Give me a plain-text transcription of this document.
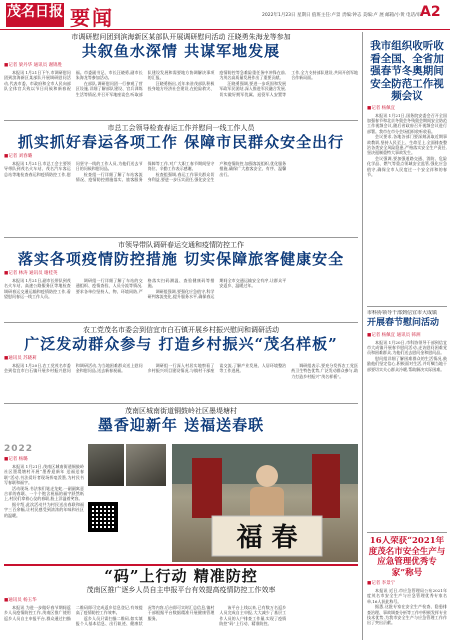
茂名日报
MAOMING DAILY 要闻	2022年1月23日 星期日 值班主任:卢景 责编:钟志 美编:卢 展 邮箱/小黄 电话/审
A2
市调研慰问团到滨海新区某部队开展调研慰问活动 汪晓勇朱海龙等参加
共叙鱼水深情 共谋军地发展
■记者 梁丹华 通讯员 谢锦胜

本报讯 1月21日下午,市调研慰问团到滨海新区某部队开展调研慰问活动,代表市委、市政府和全市人民向部队全体官兵致以节日问候和新春祝福。市委副书记、市长汪晓勇,副市长朱海龙等参加活动。

在部队,调研慰问团一行参观了营区设施,详细了解部队建设、官兵训练生活等情况,并召开军地座谈会,听取部队建设发展和需要地方协调解决事项的汇报。

汪晓勇指出,近年来驻茂部队积极投身地方经济社会建设,在抢险救灾、疫情防控等急难险重任务中冲锋在前,为茂名高质量发展作出了重要贡献。

汪晓勇强调,要进一步巩固和发展军政军民团结,深入推进军民融合发展,切实做好拥军优属、退役军人安置等工作,全力支持部队建设,共同开创军地合作新局面。

市总工会领导检查春运工作并慰问一线工作人员
抓实抓好春运各项工作 保障市民群众安全出行
■记者 刘春璐

本报讯 1月21日,市总工会主要领导带队到茂名火车站、茂名汽车客运总站等地检查春运和疫情防控工作,慰问坚守一线的工作人员,为他们送去节日的问候和慰问品。

检查组一行详细了解了车站客流情况、疫情防控措施落实、旅客服务保障等工作,对广大职工春节期间坚守岗位、辛勤工作表示感谢。

检查组强调,春运工作事关群众切身利益,要进一步压实责任,强化安全生产和疫情防控,加强客流组织,优化服务措施,确保广大旅客安全、有序、温馨出行。

市领导带队调研春运交通和疫情防控工作
落实各项疫情防控措施 切实保障旅客健康安全
■记者 林涛 通讯员 谢桂英

本报讯 1月21日,副市长带队到茂名火车站、高速公路服务区等地检查调研春运交通运输和疫情防控工作,看望慰问春运一线工作人员。

调研组一行详细了解了车站的交通组织、疫情查验、人员分流等情况,要求各单位坚持人、物、环境同防,严格落实扫码测温、查验健康码等措施。

调研组强调,要强化应急值守,科学研判客流变化,提升服务水平,确保春运期间全市交通运输安全有序,让群众平安返乡、温暖过年。

农工党茂名市委会到信宜市白石镇开展乡村振兴慰问和调研活动
广泛发动群众参与 打造乡村振兴“茂名样板”
■通讯员 苏晓莉

本报讯 1月20日,农工党茂名市委会到信宜市白石镇开展乡村振兴慰问和调研活动,为当地困难群众送上慰问金和慰问品,送去新春祝福。

调研组一行深入村居实地察看了乡村振兴项目建设情况,与镇村干部座谈交流,了解产业发展、人居环境整治等工作进展。

调研组表示,要充分发挥农工党医药卫生特色优势,广泛发动群众参与,助力打造乡村振兴“茂名样板”。

茂南区城南街道铜鼓岭社区墨堤塘村
墨香迎新年 送福送春联
2022
■记者 杨璐

本报讯 1月21日,茂南区城南街道铜鼓岭社区墨堤塘村开展“墨香迎新年 送福送春联”活动,书法爱好者现场挥毫泼墨,为村民书写春联和福字。

活动现场,书法家们笔走龙蛇,一副副寓意吉祥的春联、一个个饱含祝福的福字跃然纸上,村民们拿着心仪的春联,脸上洋溢着笑容。

据介绍,此次活动共为村民送出春联和福字三百余幅,让村民感受到浓浓的年味和社区的温暖。

福 春
“码”上行动 精准防控
茂南区推广逐乡人员自主申报平台有效提高疫情防控工作效率
■通讯员 杨玉华

本报讯 为进一步做好春节期间返乡人员疫情防控工作,茂南区推广使用返乡人员自主申报平台,群众通过扫描二维码即可完成返乡信息登记,有效提高了疫情防控工作效率。

返乡人员只需扫描二维码,如实填报个人基本信息、出行轨迹、健康状况等内容,后台即可实时汇总信息,镇村干部根据平台数据精准开展健康管理服务。

该平台上线以来,已有数万名返乡人员完成自主申报,大大减少了基层工作人员的入户排查工作量,实现了疫情防控“码”上行动、精准防控。

我市组织收听收看全国、全省加强春节冬奥期间安全防范工作视频会议
■记者 杨佩宜

本报讯 1月21日,国务院安委会召开全国加强春节和北京冬奥会冬残奥会期间安全防范工作视频会议,随后省政府召开视频会议进行部署。我市在市分会场组织收听收看。

会议要求,各地各部门要深刻汲取近期事故教训,坚持人民至上、生命至上,全面排查整治各类安全风险隐患,严格落实安全生产责任,坚决遏制重特大事故发生。

会议强调,要加强道路交通、消防、危险化学品、燃气等重点领域安全监管,强化应急值守,确保全市人民度过一个安全祥和的春节。

市科协领导干部到信宜市大成镇
开展春节慰问活动
■记者 杨佩宜 通讯员 韩洲

本报讯 1月20日,市科协领导干部到信宜市大成镇开展春节慰问活动,走访慰问困难党员和困难群众,为他们送去慰问金和慰问品。

慰问组详细了解困难群众的生活情况,鼓励他们坚定信心,积极面对生活,并叮嘱当地干部要切实关心群众冷暖,帮助解决实际困难。

16人荣获“2021年度茂名市安全生产与应急管理优秀专家”称号
■记者 李景宁

本报讯 近日,市应急管理局公布2021年度茂名市安全生产与应急管理优秀专家名单,16人获此称号。

据悉,这批专家在安全生产检查、隐患排查治理、事故调查分析等工作中积极发挥专业技术优势,为我市安全生产与应急管理工作作出了突出贡献。
